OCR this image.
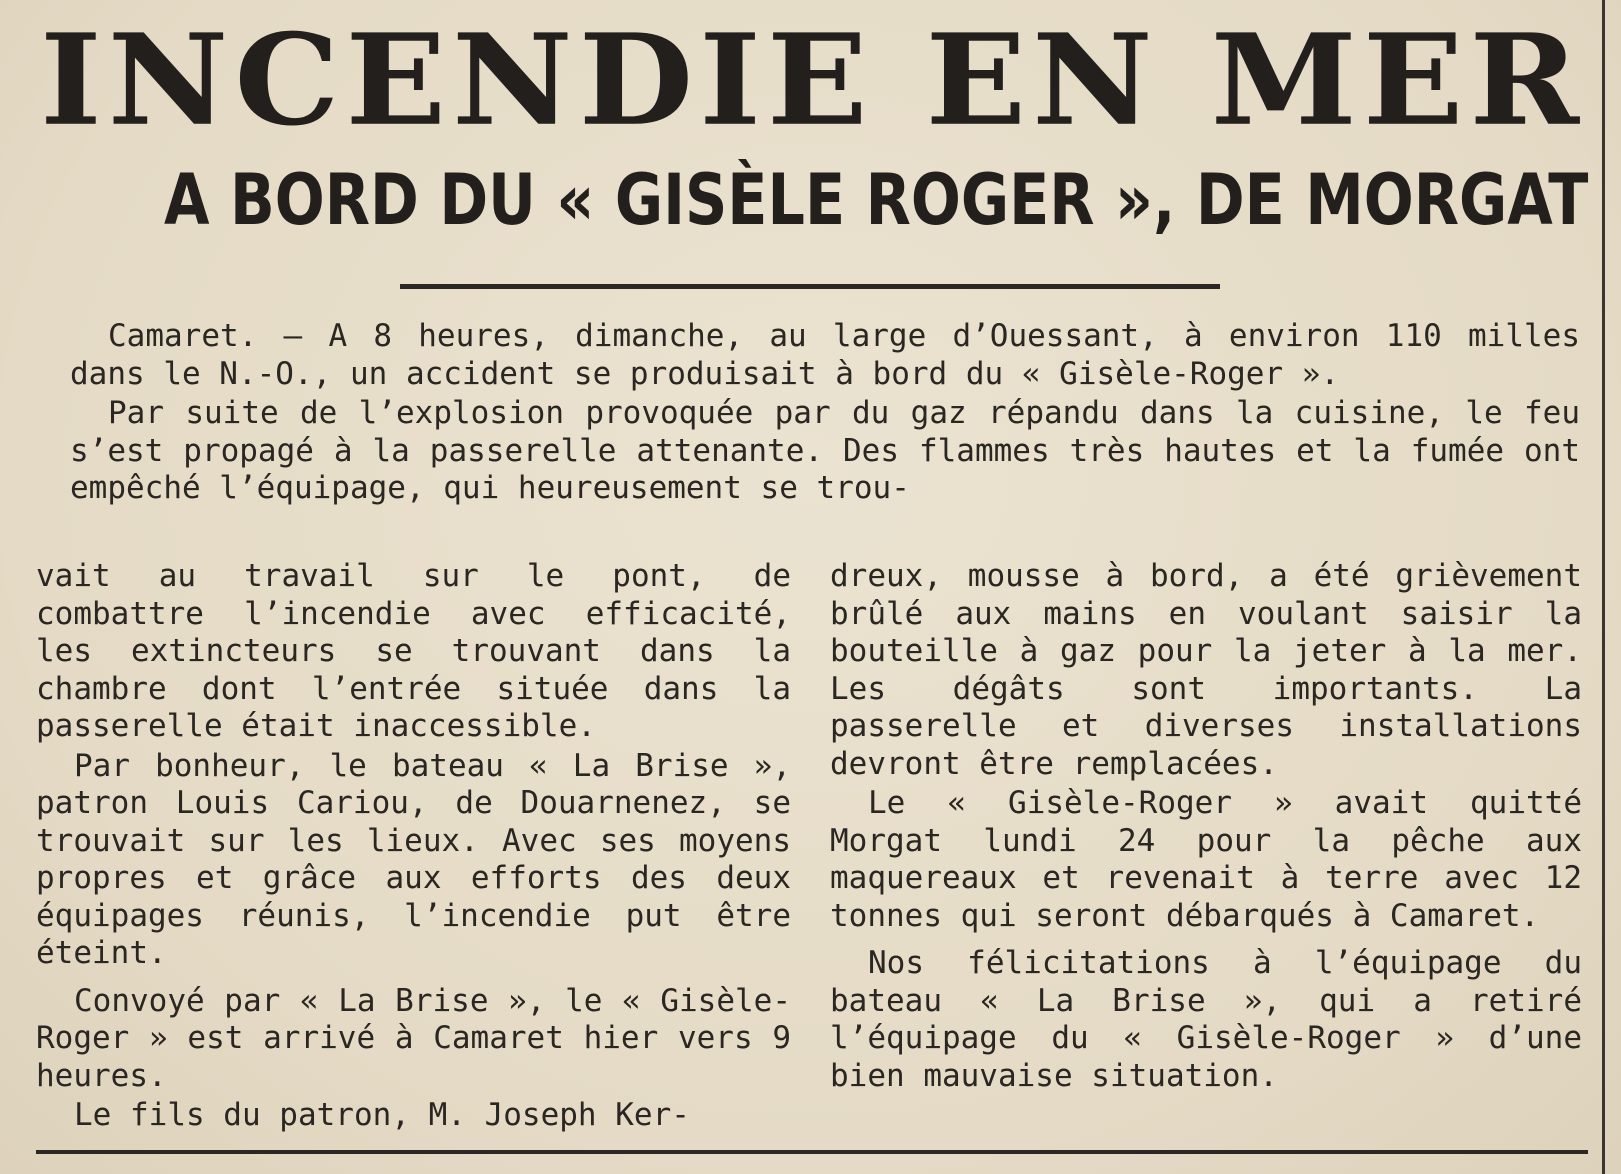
INCENDIE EN MER
A BORD DU « GISÈLE ROGER », DE MORGAT

Camaret. — A 8 heures, dimanche, au large d’Ouessant, à environ 110 milles dans le N.-O., un accident se produisait à bord du « Gisèle-Roger ».

Par suite de l’explosion provoquée par du gaz répandu dans la cuisine, le feu s’est propagé à la passerelle attenante. Des flammes très hautes et la fumée ont empêché l’équipage, qui heureusement se trou-

vait au travail sur le pont, de combattre l’incendie avec efficacité, les extincteurs se trouvant dans la chambre dont l’entrée située dans la passerelle était inaccessible.

Par bonheur, le bateau « La Brise », patron Louis Cariou, de Douarnenez, se trouvait sur les lieux. Avec ses moyens propres et grâce aux efforts des deux équipages réunis, l’incendie put être éteint.

Convoyé par « La Brise », le « Gisèle-Roger » est arrivé à Camaret hier vers 9 heures.

Le fils du patron, M. Joseph Ker-

dreux, mousse à bord, a été grièvement brûlé aux mains en voulant saisir la bouteille à gaz pour la jeter à la mer. Les dégâts sont importants. La passerelle et diverses installations devront être remplacées.

Le « Gisèle-Roger » avait quitté Morgat lundi 24 pour la pêche aux maquereaux et revenait à terre avec 12 tonnes qui seront débarqués à Camaret.

Nos félicitations à l’équipage du bateau « La Brise », qui a retiré l’équipage du « Gisèle-Roger » d’une bien mauvaise situation.
